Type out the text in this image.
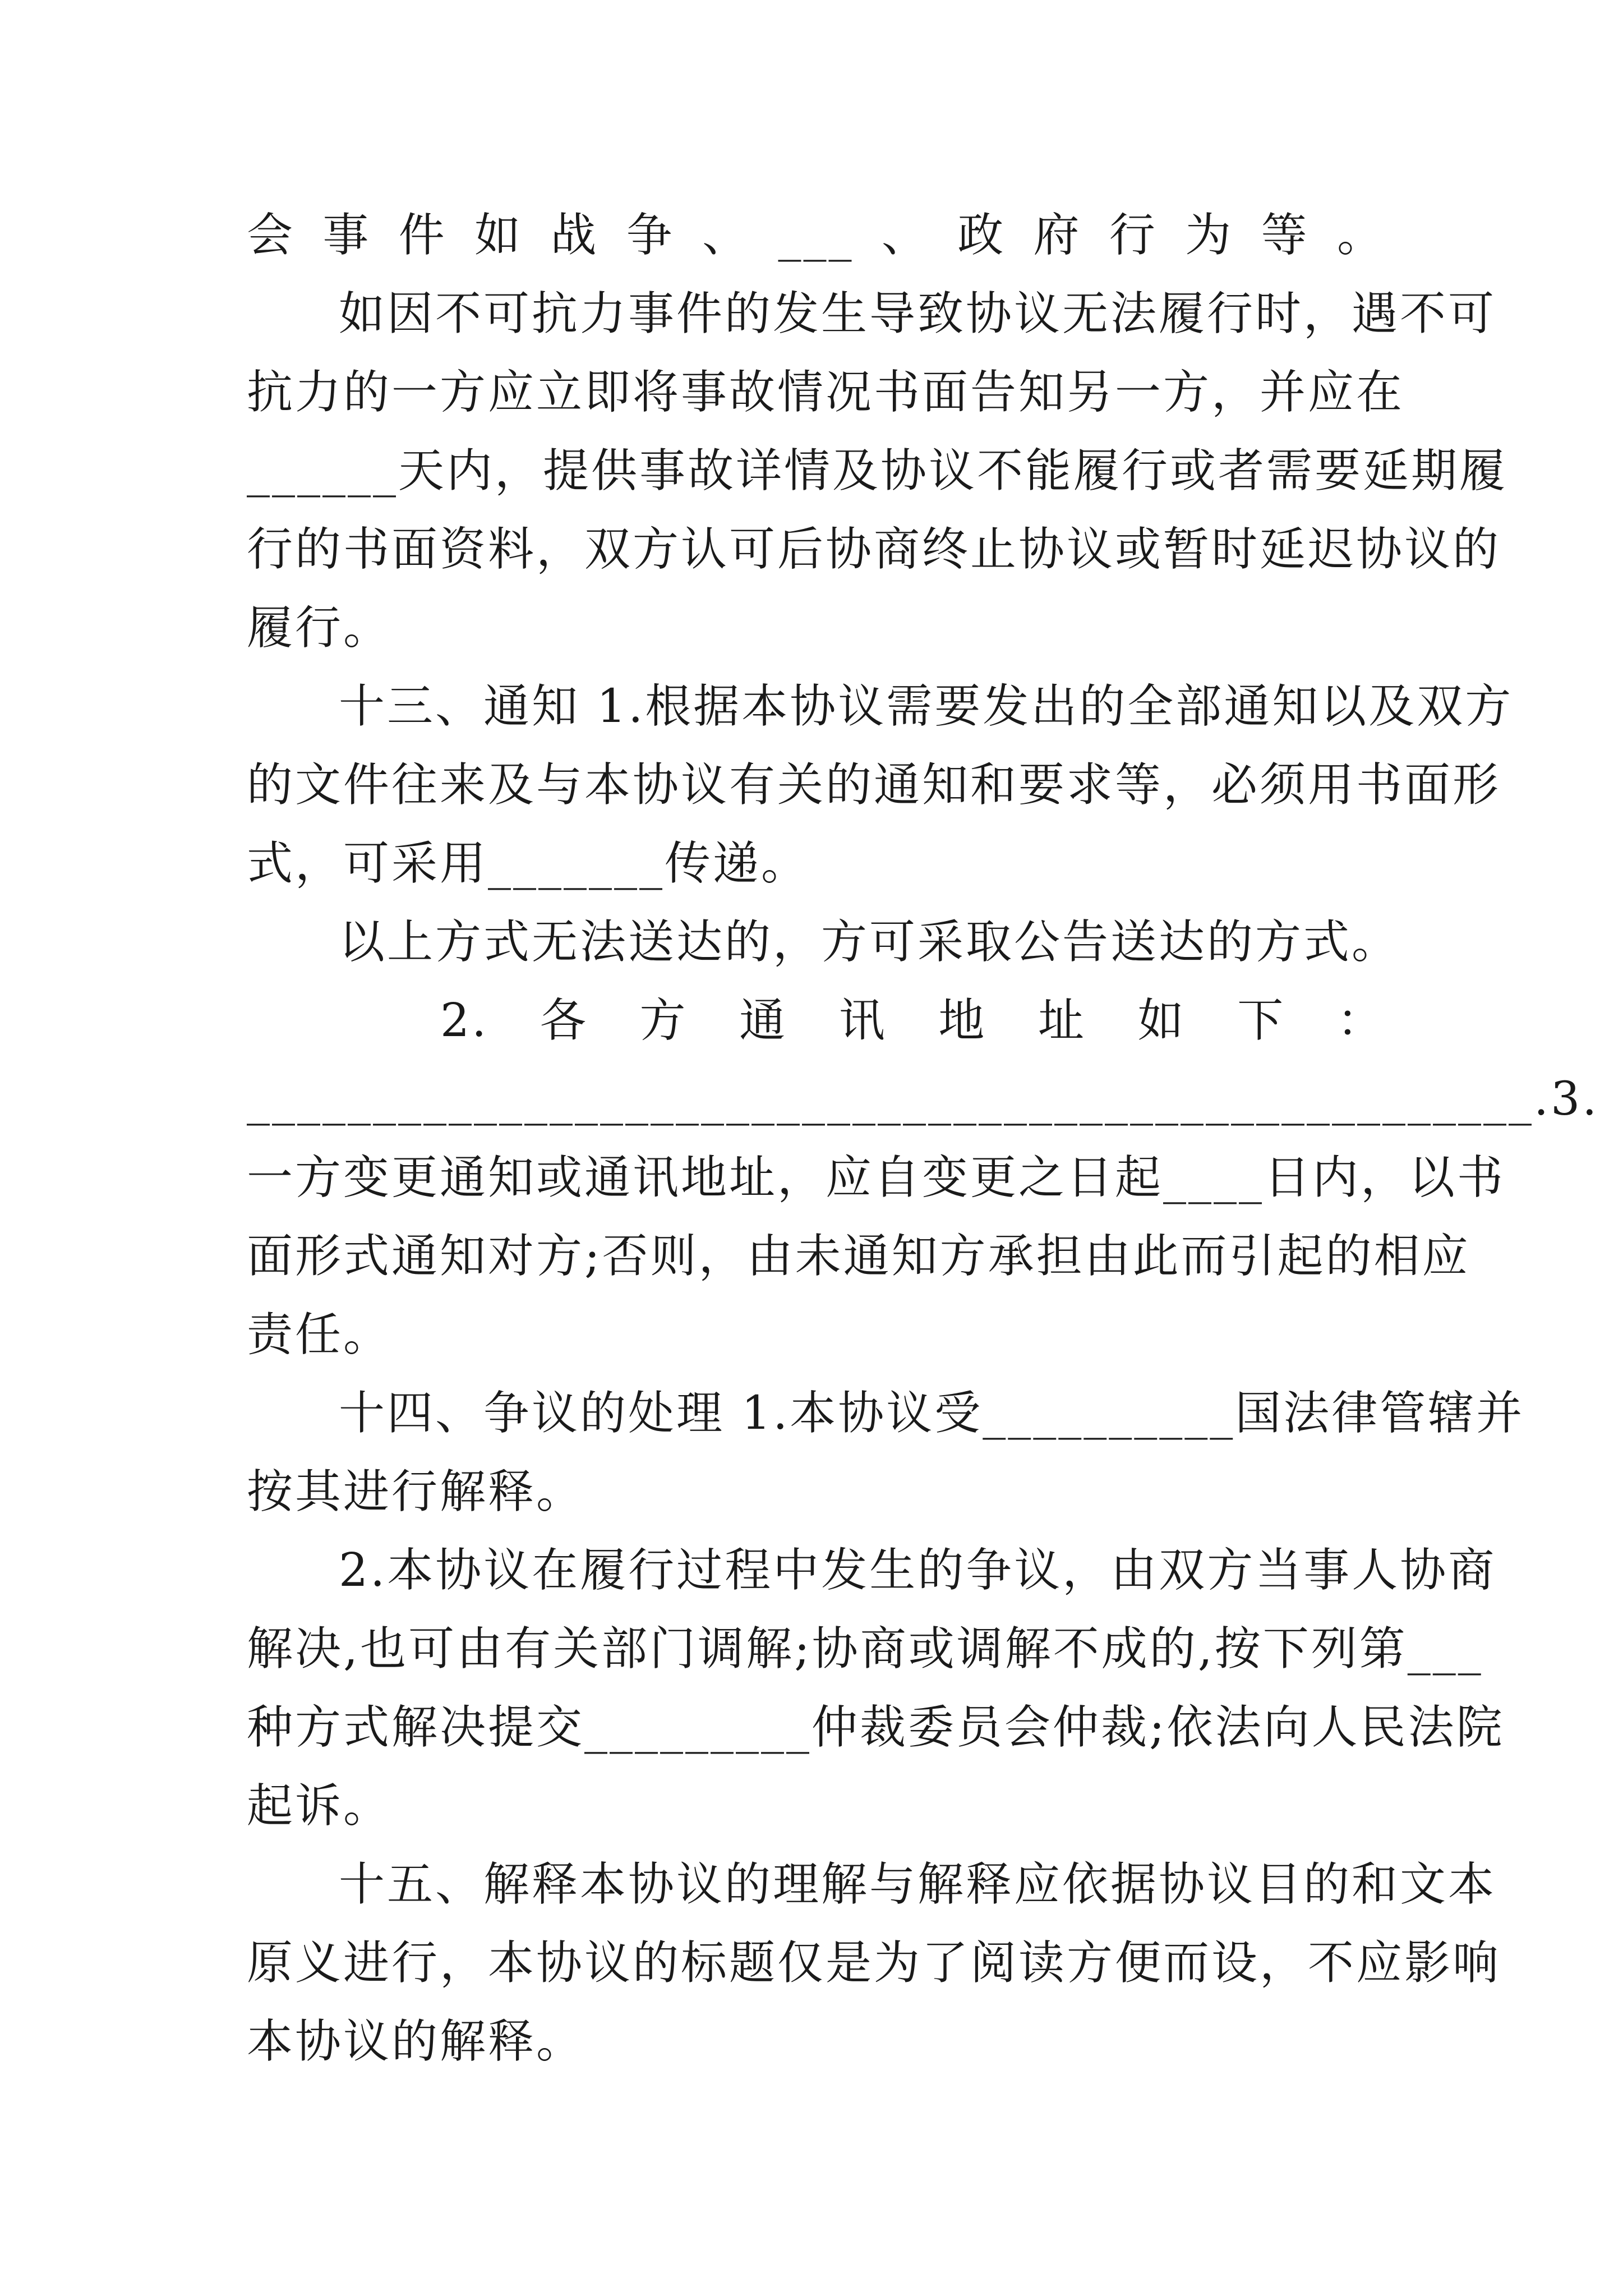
会事件如战争、___、政府行为等。
如因不可抗力事件的发生导致协议无法履行时，遇不可
抗力的一方应立即将事故情况书面告知另一方，并应在
______天内，提供事故详情及协议不能履行或者需要延期履
行的书面资料，双方认可后协商终止协议或暂时延迟协议的
履行。
十三、通知 1.根据本协议需要发出的全部通知以及双方
的文件往来及与本协议有关的通知和要求等，必须用书面形
式，可采用_______传递。
以上方式无法送达的，方可采取公告送达的方式。
2. 各 方 通 讯 地 址 如 下 ：
___________________________________________________.3.
一方变更通知或通讯地址，应自变更之日起____日内，以书
面形式通知对方;否则，由未通知方承担由此而引起的相应
责任。
十四、争议的处理 1.本协议受__________国法律管辖并
按其进行解释。
2.本协议在履行过程中发生的争议，由双方当事人协商
解决,也可由有关部门调解;协商或调解不成的,按下列第___
种方式解决提交_________仲裁委员会仲裁;依法向人民法院
起诉。
十五、解释本协议的理解与解释应依据协议目的和文本
原义进行，本协议的标题仅是为了阅读方便而设，不应影响
本协议的解释。
